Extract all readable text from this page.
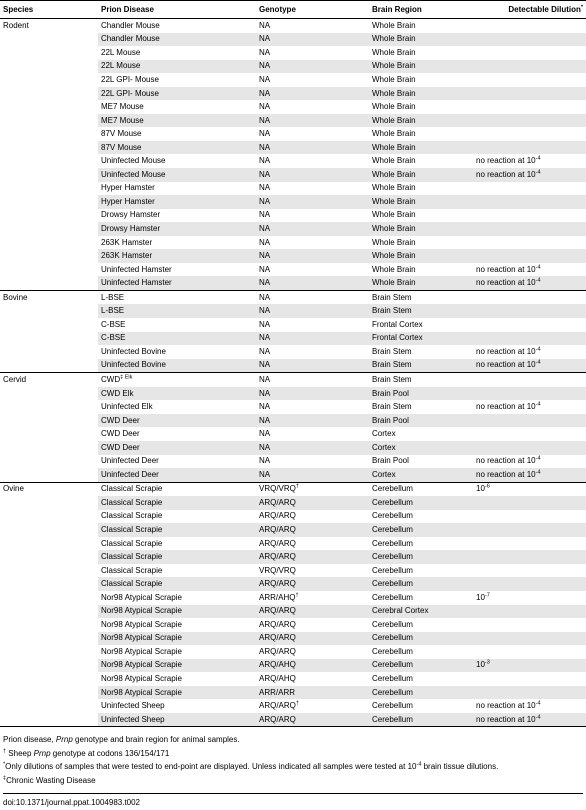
Species	Prion Disease	Genotype	Brain Region	Detectable Dilution*
Rodent	Chandler Mouse	NA	Whole Brain	
	Chandler Mouse	NA	Whole Brain	
	22L Mouse	NA	Whole Brain	
	22L Mouse	NA	Whole Brain	
	22L GPI- Mouse	NA	Whole Brain	
	22L GPI- Mouse	NA	Whole Brain	
	ME7 Mouse	NA	Whole Brain	
	ME7 Mouse	NA	Whole Brain	
	87V Mouse	NA	Whole Brain	
	87V Mouse	NA	Whole Brain	
	Uninfected Mouse	NA	Whole Brain	no reaction at $10^{-4}$
	Uninfected Mouse	NA	Whole Brain	no reaction at $10^{-4}$
	Hyper Hamster	NA	Whole Brain	
	Hyper Hamster	NA	Whole Brain	
	Drowsy Hamster	NA	Whole Brain	
	Drowsy Hamster	NA	Whole Brain	
	263K Hamster	NA	Whole Brain	
	263K Hamster	NA	Whole Brain	
	Uninfected Hamster	NA	Whole Brain	no reaction at $10^{-4}$
	Uninfected Hamster	NA	Whole Brain	no reaction at $10^{-4}$
Bovine	L-BSE	NA	Brain Stem	
	L-BSE	NA	Brain Stem	
	C-BSE	NA	Frontal Cortex	
	C-BSE	NA	Frontal Cortex	
	Uninfected Bovine	NA	Brain Stem	no reaction at $10^{-4}$
	Uninfected Bovine	NA	Brain Stem	no reaction at $10^{-4}$
Cervid	$CWD^{\ddagger Elk}$	NA	Brain Stem	
	CWD Elk	NA	Brain Pool	
	Uninfected Elk	NA	Brain Stem	no reaction at $10^{-4}$
	CWD Deer	NA	Brain Pool	
	CWD Deer	NA	Cortex	
	CWD Deer	NA	Cortex	
	Uninfected Deer	NA	Brain Pool	no reaction at $10^{-4}$
	Uninfected Deer	NA	Cortex	no reaction at $10^{-4}$
Ovine	Classical Scrapie	VRQ/VRQ†	Cerebellum	$10^{-6}$
	Classical Scrapie	ARQ/ARQ	Cerebellum	
	Classical Scrapie	ARQ/ARQ	Cerebellum	
	Classical Scrapie	ARQ/ARQ	Cerebellum	
	Classical Scrapie	ARQ/ARQ	Cerebellum	
	Classical Scrapie	ARQ/ARQ	Cerebellum	
	Classical Scrapie	VRQ/VRQ	Cerebellum	
	Classical Scrapie	ARQ/ARQ	Cerebellum	
	Nor98 Atypical Scrapie	ARR/AHQ†	Cerebellum	$10^{-7}$
	Nor98 Atypical Scrapie	ARQ/ARQ	Cerebral Cortex	
	Nor98 Atypical Scrapie	ARQ/ARQ	Cerebellum	
	Nor98 Atypical Scrapie	ARQ/ARQ	Cerebellum	
	Nor98 Atypical Scrapie	ARQ/ARQ	Cerebellum	
	Nor98 Atypical Scrapie	ARQ/AHQ	Cerebellum	$10^{-3}$
	Nor98 Atypical Scrapie	ARQ/AHQ	Cerebellum	
	Nor98 Atypical Scrapie	ARR/ARR	Cerebellum	
	Uninfected Sheep	ARQ/ARQ†	Cerebellum	no reaction at $10^{-4}$
	Uninfected Sheep	ARQ/ARQ	Cerebellum	no reaction at $10^{-4}$
Prion disease, Prnp genotype and brain region for animal samples.
† Sheep Prnp genotype at codons 136/154/171
*Only dilutions of samples that were tested to end-point are displayed. Unless indicated all samples were tested at $10^{-4}$ brain tissue dilutions.
‡Chronic Wasting Disease
doi:10.1371/journal.ppat.1004983.t002
